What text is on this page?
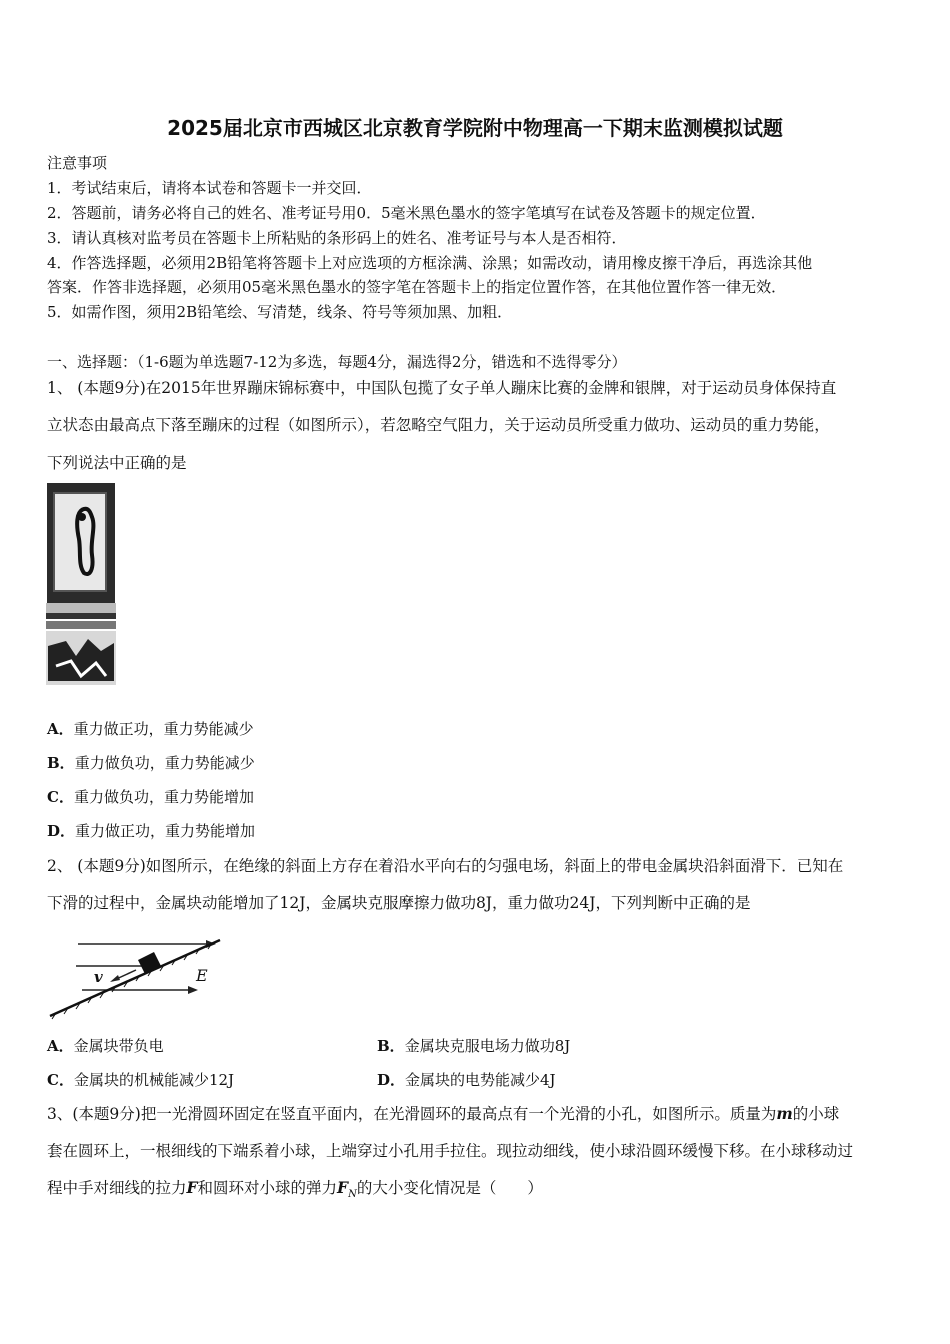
2025届北京市西城区北京教育学院附中物理高一下期末监测模拟试题
注意事项
1．考试结束后，请将本试卷和答题卡一并交回．
2．答题前，请务必将自己的姓名、准考证号用0．5毫米黑色墨水的签字笔填写在试卷及答题卡的规定位置．
3．请认真核对监考员在答题卡上所粘贴的条形码上的姓名、准考证号与本人是否相符．
4．作答选择题，必须用2B铅笔将答题卡上对应选项的方框涂满、涂黑；如需改动，请用橡皮擦干净后，再选涂其他
答案．作答非选择题，必须用05毫米黑色墨水的签字笔在答题卡上的指定位置作答，在其他位置作答一律无效．
5．如需作图，须用2B铅笔绘、写清楚，线条、符号等须加黑、加粗．
一、选择题：（1-6题为单选题7-12为多选，每题4分，漏选得2分，错选和不选得零分）
1、 (本题9分)在2015年世界蹦床锦标赛中，中国队包揽了女子单人蹦床比赛的金牌和银牌，对于运动员身体保持直
立状态由最高点下落至蹦床的过程（如图所示），若忽略空气阻力，关于运动员所受重力做功、运动员的重力势能，
下列说法中正确的是
A．重力做正功，重力势能减少
B．重力做负功，重力势能减少
C．重力做负功，重力势能增加
D．重力做正功，重力势能增加
2、 (本题9分)如图所示，在绝缘的斜面上方存在着沿水平向右的匀强电场，斜面上的带电金属块沿斜面滑下．已知在
下滑的过程中，金属块动能增加了12J，金属块克服摩擦力做功8J，重力做功24J，下列判断中正确的是
v	E
A．金属块带负电	B．金属块克服电场力做功8J
C．金属块的机械能减少12J	D．金属块的电势能减少4J
3、(本题9分)把一光滑圆环固定在竖直平面内，在光滑圆环的最高点有一个光滑的小孔，如图所示。质量为m的小球
套在圆环上，一根细线的下端系着小球，上端穿过小孔用手拉住。现拉动细线，使小球沿圆环缓慢下移。在小球移动过
程中手对细线的拉力F和圆环对小球的弹力$F_N$的大小变化情况是（　　）
